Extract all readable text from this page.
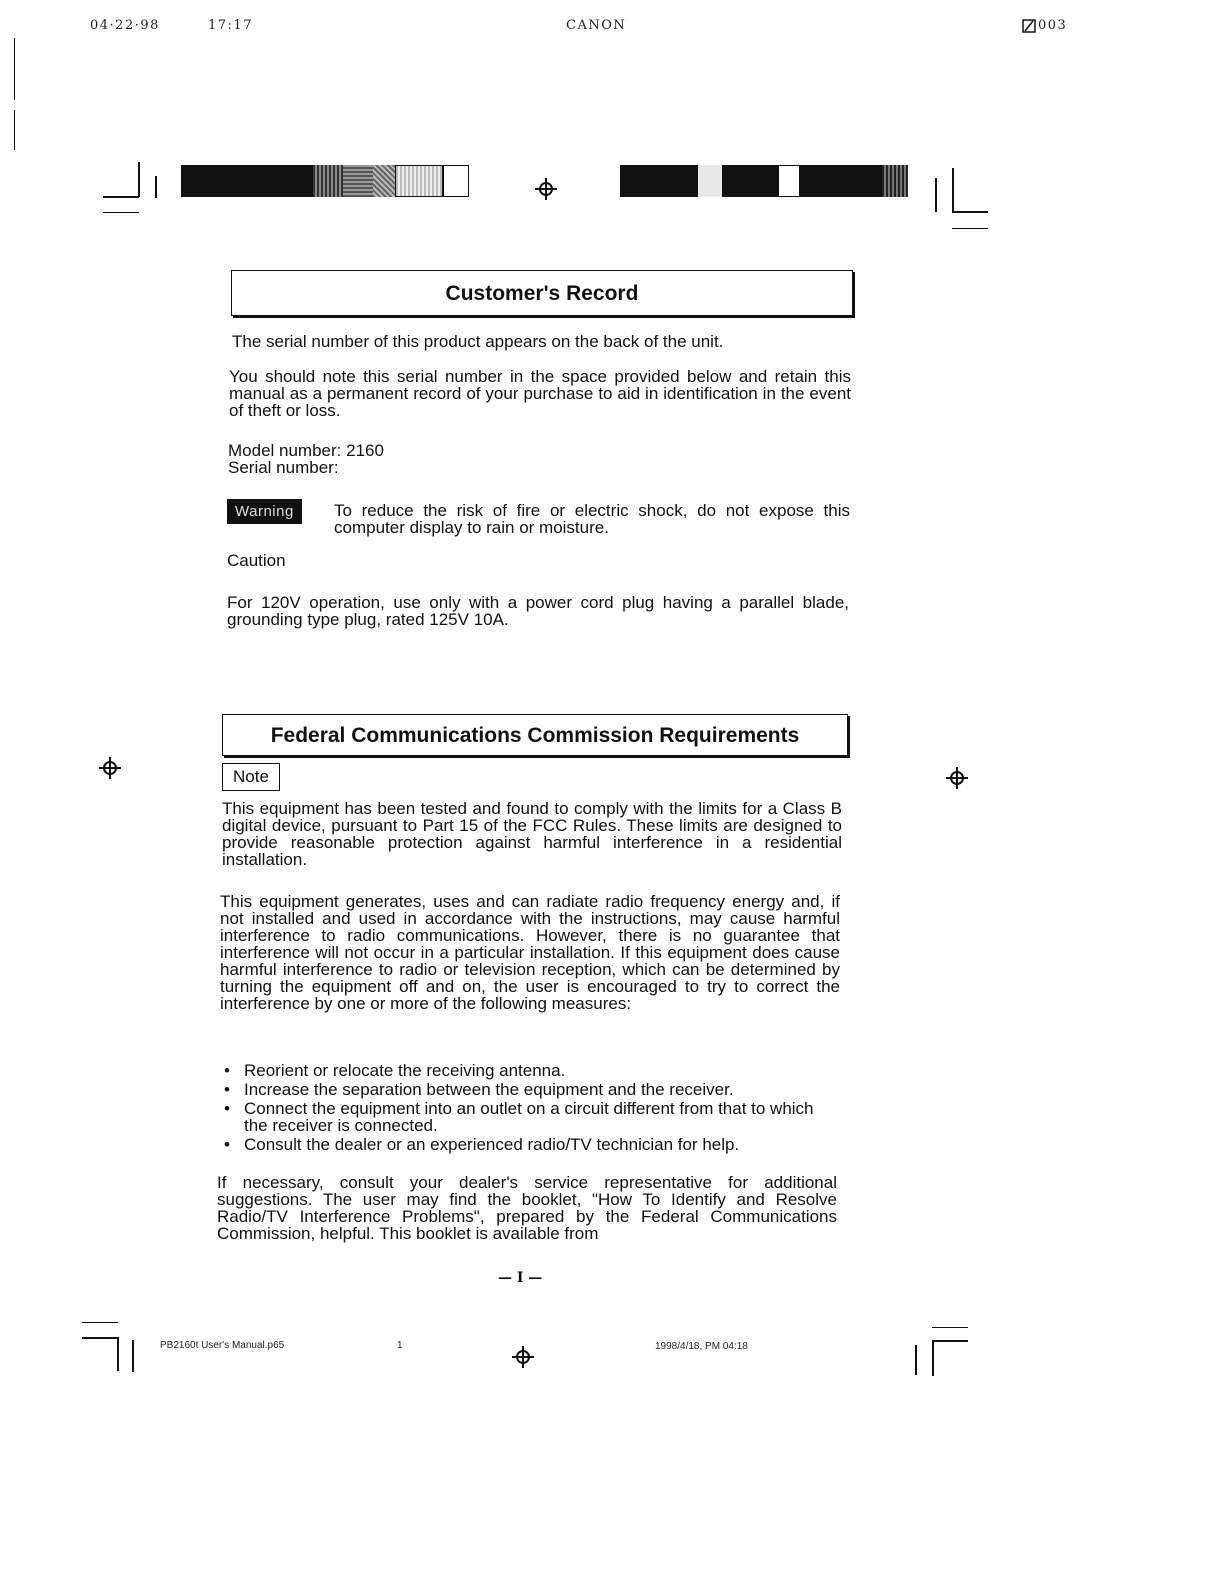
04·22·98	17:17	CANON	003
Customer's Record
The serial number of this product appears on the back of the unit.
You should note this serial number in the space provided below and retain this manual as a permanent record of your purchase to aid in identification in the event of theft or loss.
Model number: 2160
Serial number:
Warning	To reduce the risk of fire or electric shock, do not expose this computer display to rain or moisture.
Caution
For 120V operation, use only with a power cord plug having a parallel blade, grounding type plug, rated 125V 10A.
Federal Communications Commission Requirements
Note
This equipment has been tested and found to comply with the limits for a Class B digital device, pursuant to Part 15 of the FCC Rules. These limits are designed to provide reasonable protection against harmful interference in a residential installation.
This equipment generates, uses and can radiate radio frequency energy and, if not installed and used in accordance with the instructions, may cause harmful interference to radio communications. However, there is no guarantee that interference will not occur in a particular installation. If this equipment does cause harmful interference to radio or television reception, which can be determined by turning the equipment off and on, the user is encouraged to try to correct the interference by one or more of the following measures:
• Reorient or relocate the receiving antenna.
• Increase the separation between the equipment and the receiver.
• Connect the equipment into an outlet on a circuit different from that to which the receiver is connected.
• Consult the dealer or an experienced radio/TV technician for help.
If necessary, consult your dealer's service representative for additional suggestions. The user may find the booklet, "How To Identify and Resolve Radio/TV Interference Problems", prepared by the Federal Communications Commission, helpful. This booklet is available from
— I —
PB2160t User's Manual.p65	1	1998/4/18, PM 04:18
